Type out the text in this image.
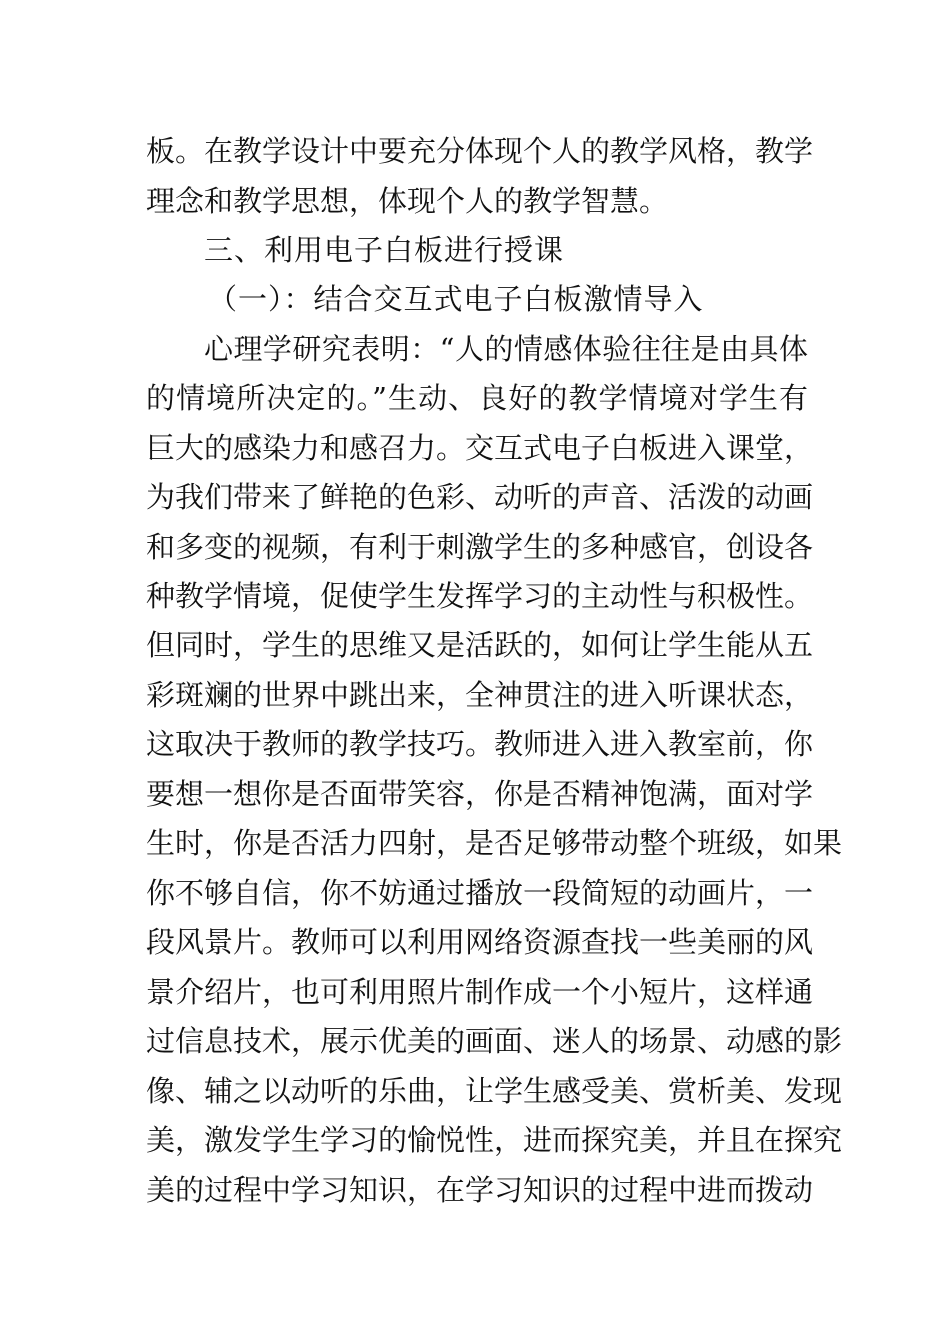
板。在教学设计中要充分体现个人的教学风格，教学
理念和教学思想，体现个人的教学智慧。
三、利用电子白板进行授课
（一）：结合交互式电子白板激情导入
心理学研究表明：“人的情感体验往往是由具体
的情境所决定的。”生动、良好的教学情境对学生有
巨大的感染力和感召力。交互式电子白板进入课堂，
为我们带来了鲜艳的色彩、动听的声音、活泼的动画
和多变的视频，有利于刺激学生的多种感官，创设各
种教学情境，促使学生发挥学习的主动性与积极性。
但同时，学生的思维又是活跃的，如何让学生能从五
彩斑斓的世界中跳出来，全神贯注的进入听课状态，
这取决于教师的教学技巧。教师进入进入教室前，你
要想一想你是否面带笑容，你是否精神饱满，面对学
生时，你是否活力四射，是否足够带动整个班级，如果
你不够自信，你不妨通过播放一段简短的动画片，一
段风景片。教师可以利用网络资源查找一些美丽的风
景介绍片，也可利用照片制作成一个小短片，这样通
过信息技术，展示优美的画面、迷人的场景、动感的影
像、辅之以动听的乐曲，让学生感受美、赏析美、发现
美，激发学生学习的愉悦性，进而探究美，并且在探究
美的过程中学习知识，在学习知识的过程中进而拨动
